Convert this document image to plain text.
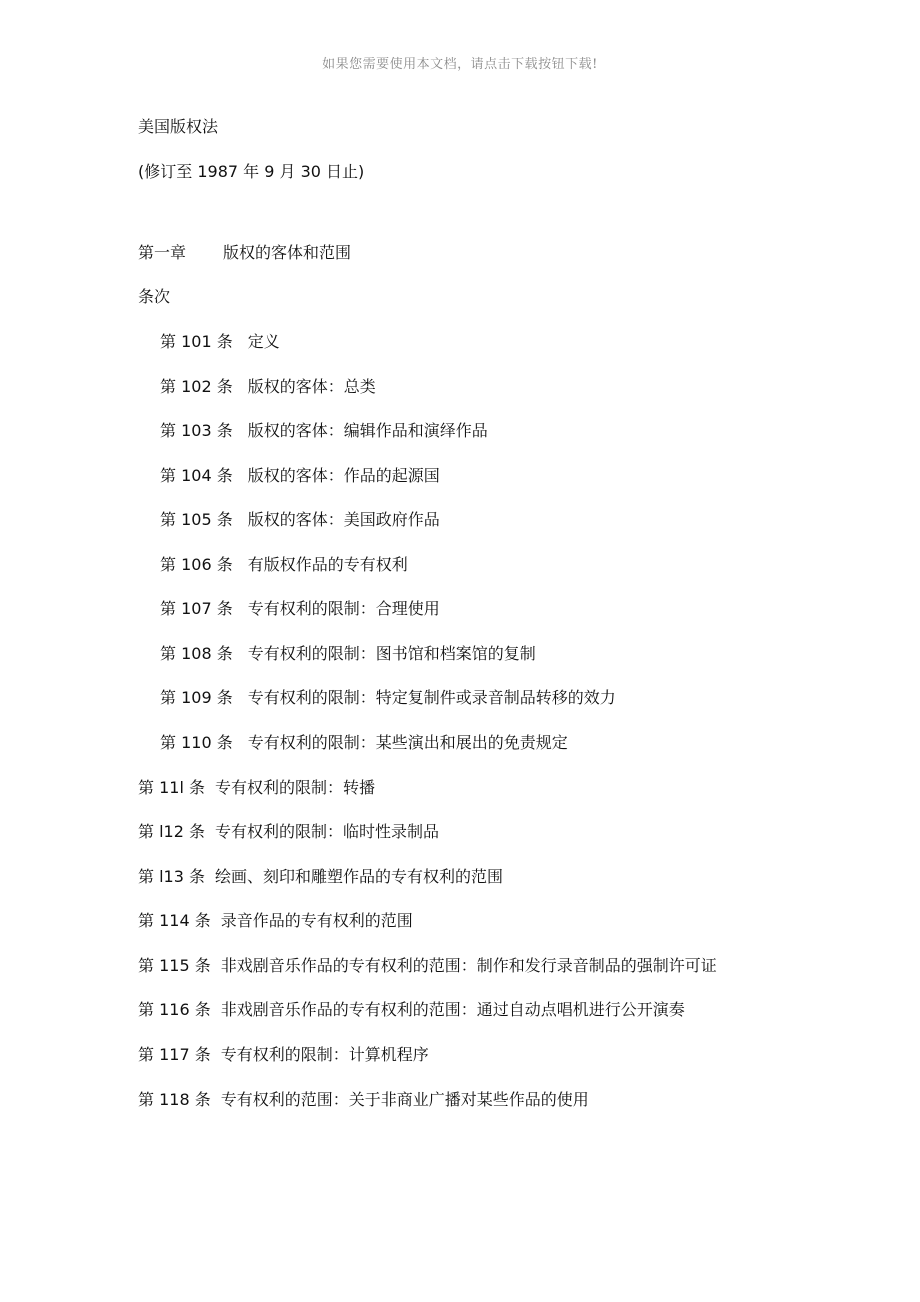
如果您需要使用本文档，请点击下载按钮下载!
美国版权法
(修订至 1987 年 9 月 30 日止)
第一章 版权的客体和范围
条次
第 101 条 定义
第 102 条 版权的客体：总类
第 103 条 版权的客体：编辑作品和演绎作品
第 104 条 版权的客体：作品的起源国
第 105 条 版权的客体：美国政府作品
第 106 条 有版权作品的专有权利
第 107 条 专有权利的限制：合理使用
第 108 条 专有权利的限制：图书馆和档案馆的复制
第 109 条 专有权利的限制：特定复制件或录音制品转移的效力
第 110 条 专有权利的限制：某些演出和展出的免责规定
第 11l 条 专有权利的限制：转播
第 l12 条 专有权利的限制：临时性录制品
第 l13 条 绘画、刻印和雕塑作品的专有权利的范围
第 114 条 录音作品的专有权利的范围
第 115 条 非戏剧音乐作品的专有权利的范围：制作和发行录音制品的强制许可证
第 116 条 非戏剧音乐作品的专有权利的范围：通过自动点唱机进行公开演奏
第 117 条 专有权利的限制：计算机程序
第 118 条 专有权利的范围：关于非商业广播对某些作品的使用
